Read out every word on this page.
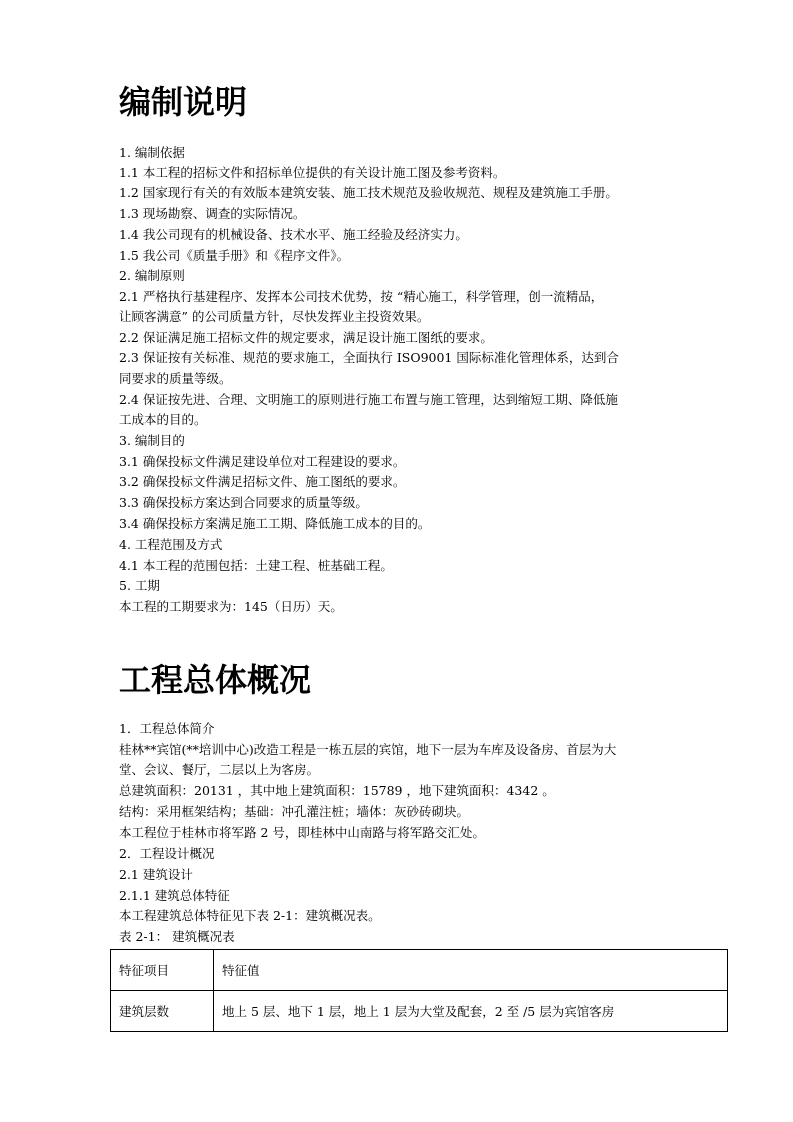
编制说明

1. 编制依据

1.1 本工程的招标文件和招标单位提供的有关设计施工图及参考资料。

1.2 国家现行有关的有效版本建筑安装、施工技术规范及验收规范、规程及建筑施工手册。

1.3 现场勘察、调查的实际情况。

1.4 我公司现有的机械设备、技术水平、施工经验及经济实力。

1.5 我公司《质量手册》和《程序文件》。

2. 编制原则

2.1 严格执行基建程序、发挥本公司技术优势，按 “精心施工，科学管理，创一流精品，

让顾客满意” 的公司质量方针，尽快发挥业主投资效果。

2.2 保证满足施工招标文件的规定要求，满足设计施工图纸的要求。

2.3 保证按有关标准、规范的要求施工，全面执行 ISO9001 国际标准化管理体系，达到合

同要求的质量等级。

2.4 保证按先进、合理、文明施工的原则进行施工布置与施工管理，达到缩短工期、降低施

工成本的目的。

3. 编制目的

3.1 确保投标文件满足建设单位对工程建设的要求。

3.2 确保投标文件满足招标文件、施工图纸的要求。

3.3 确保投标方案达到合同要求的质量等级。

3.4 确保投标方案满足施工工期、降低施工成本的目的。

4. 工程范围及方式

4.1 本工程的范围包括：土建工程、桩基础工程。

5. 工期

本工程的工期要求为：145（日历）天。

工程总体概况

1．工程总体简介

桂林**宾馆(**培训中心)改造工程是一栋五层的宾馆，地下一层为车库及设备房、首层为大

堂、会议、餐厅，二层以上为客房。

总建筑面积：20131 ，其中地上建筑面积：15789 ，地下建筑面积：4342 。

结构：采用框架结构；基础：冲孔灌注桩；墙体：灰砂砖砌块。

本工程位于桂林市将军路 2 号，即桂林中山南路与将军路交汇处。

2．工程设计概况

2.1 建筑设计

2.1.1 建筑总体特征

本工程建筑总体特征见下表 2-1：建筑概况表。

表 2-1： 建筑概况表

特征项目	特征值
建筑层数	地上 5 层、地下 1 层，地上 1 层为大堂及配套，2 至 /5 层为宾馆客房
